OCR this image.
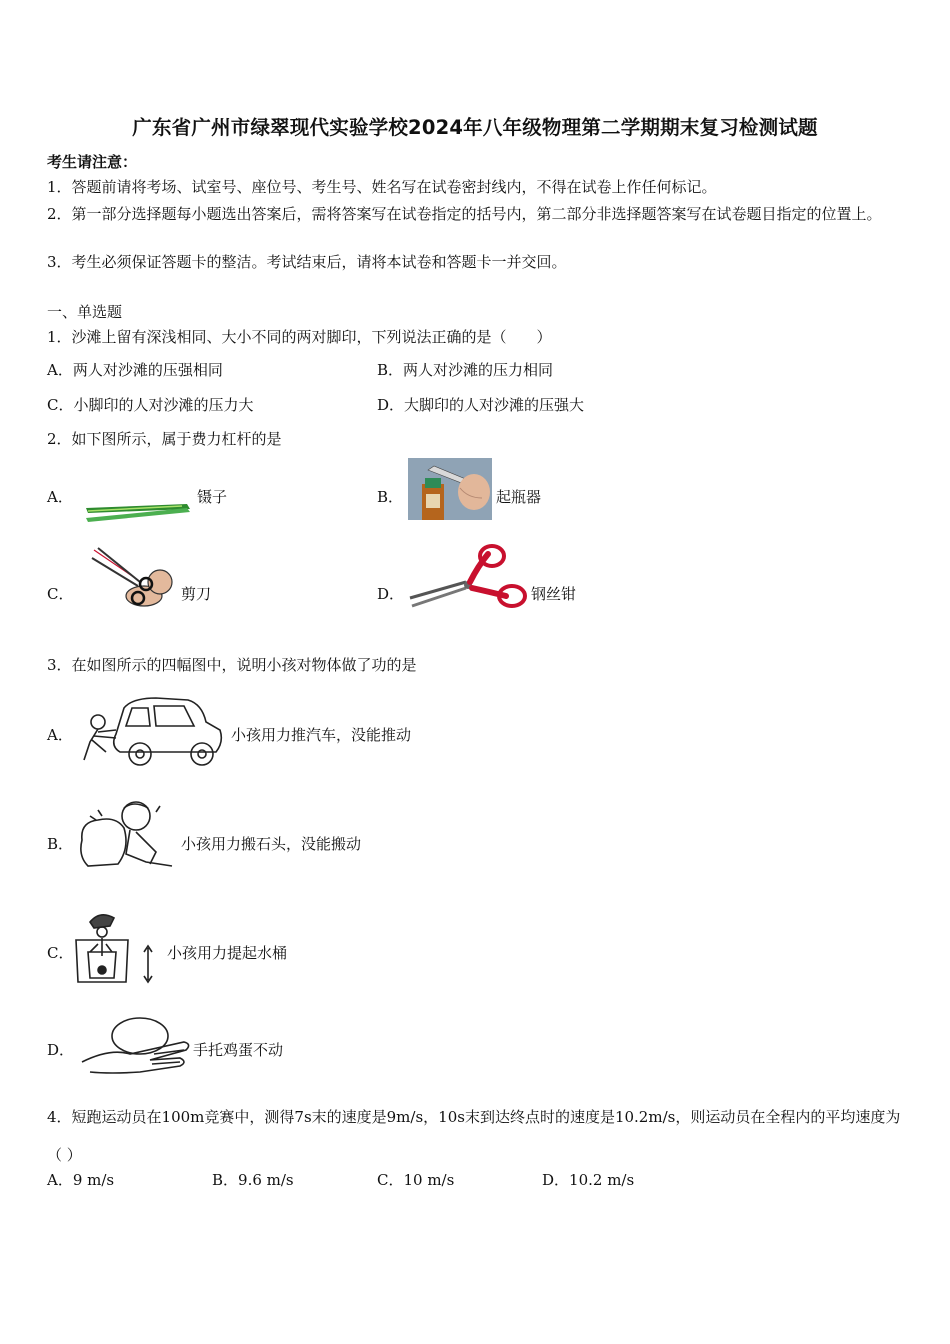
广东省广州市绿翠现代实验学校2024年八年级物理第二学期期末复习检测试题
考生请注意：
1．答题前请将考场、试室号、座位号、考生号、姓名写在试卷密封线内，不得在试卷上作任何标记。
2．第一部分选择题每小题选出答案后，需将答案写在试卷指定的括号内，第二部分非选择题答案写在试卷题目指定的位置上。
3．考生必须保证答题卡的整洁。考试结束后，请将本试卷和答题卡一并交回。
一、单选题
1．沙滩上留有深浅相同、大小不同的两对脚印，下列说法正确的是（　　）
A．两人对沙滩的压强相同	B．两人对沙滩的压力相同
C．小脚印的人对沙滩的压力大	D．大脚印的人对沙滩的压强大
2．如下图所示，属于费力杠杆的是
A．	镊子	B．	起瓶器
C．	剪刀	D．	钢丝钳
3．在如图所示的四幅图中，说明小孩对物体做了功的是
A．	小孩用力推汽车，没能推动
B．	小孩用力搬石头，没能搬动
C．	小孩用力提起水桶
D．	手托鸡蛋不动
4．短跑运动员在100m竞赛中，测得7s末的速度是9m/s，10s末到达终点时的速度是10.2m/s，则运动员在全程内的平均速度为（ ）
A．9 m/s	B．9.6 m/s	C．10 m/s	D．10.2 m/s
